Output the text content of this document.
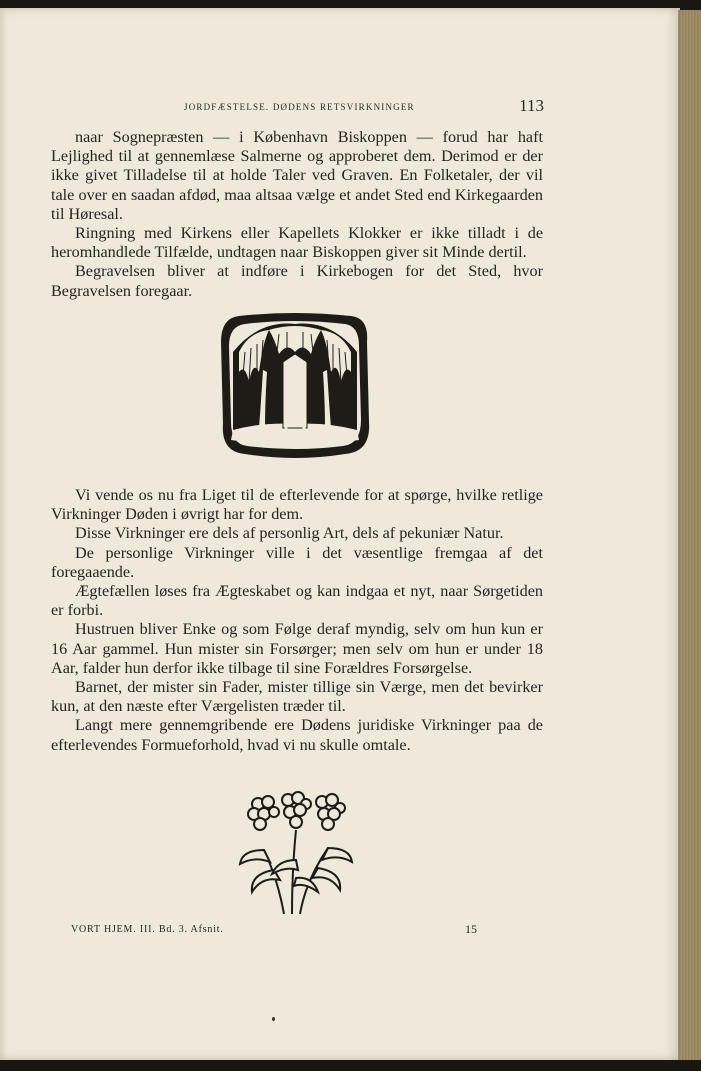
JORDFÆSTELSE. DØDENS RETSVIRKNINGER	113

naar Sognepræsten — i København Biskoppen — forud har haft Lejlighed til at gennemlæse Salmerne og approberet dem. Derimod er der ikke givet Tilladelse til at holde Taler ved Graven. En Folketaler, der vil tale over en saadan afdød, maa altsaa vælge et andet Sted end Kirkegaarden til Høresal.

Ringning med Kirkens eller Kapellets Klokker er ikke tilladt i de heromhandlede Tilfælde, undtagen naar Biskoppen giver sit Minde dertil.

Begravelsen bliver at indføre i Kirkebogen for det Sted, hvor Begravelsen foregaar.

Vi vende os nu fra Liget til de efterlevende for at spørge, hvilke retlige Virkninger Døden i øvrigt har for dem.

Disse Virkninger ere dels af personlig Art, dels af pekuniær Natur.

De personlige Virkninger ville i det væsentlige fremgaa af det foregaaende.

Ægtefællen løses fra Ægteskabet og kan indgaa et nyt, naar Sørgetiden er forbi.

Hustruen bliver Enke og som Følge deraf myndig, selv om hun kun er 16 Aar gammel. Hun mister sin Forsørger; men selv om hun er under 18 Aar, falder hun derfor ikke tilbage til sine Forældres Forsørgelse.

Barnet, der mister sin Fader, mister tillige sin Værge, men det bevirker kun, at den næste efter Værgelisten træder til.

Langt mere gennemgribende ere Dødens juridiske Virkninger paa de efterlevendes Formueforhold, hvad vi nu skulle omtale.

VORT HJEM. III. Bd. 3. Afsnit.	15
